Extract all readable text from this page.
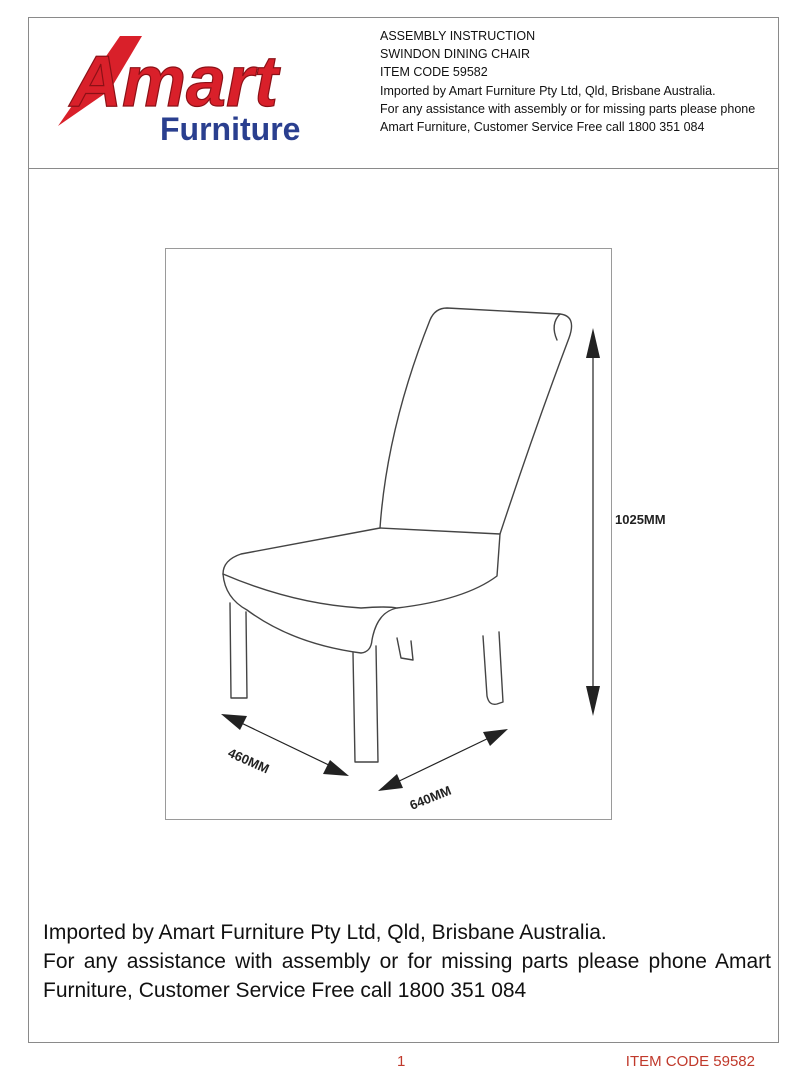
Amart
Furniture
ASSEMBLY INSTRUCTION
SWINDON DINING CHAIR
ITEM CODE 59582
Imported by Amart Furniture Pty Ltd, Qld, Brisbane Australia.
For any assistance with assembly or for missing parts please phone Amart Furniture, Customer Service Free call 1800 351 084
1025MM
460MM
640MM
Imported by Amart Furniture Pty Ltd, Qld, Brisbane Australia.
For any assistance with assembly or for missing parts please phone Amart Furniture, Customer Service Free call 1800 351 084
1	ITEM CODE 59582
